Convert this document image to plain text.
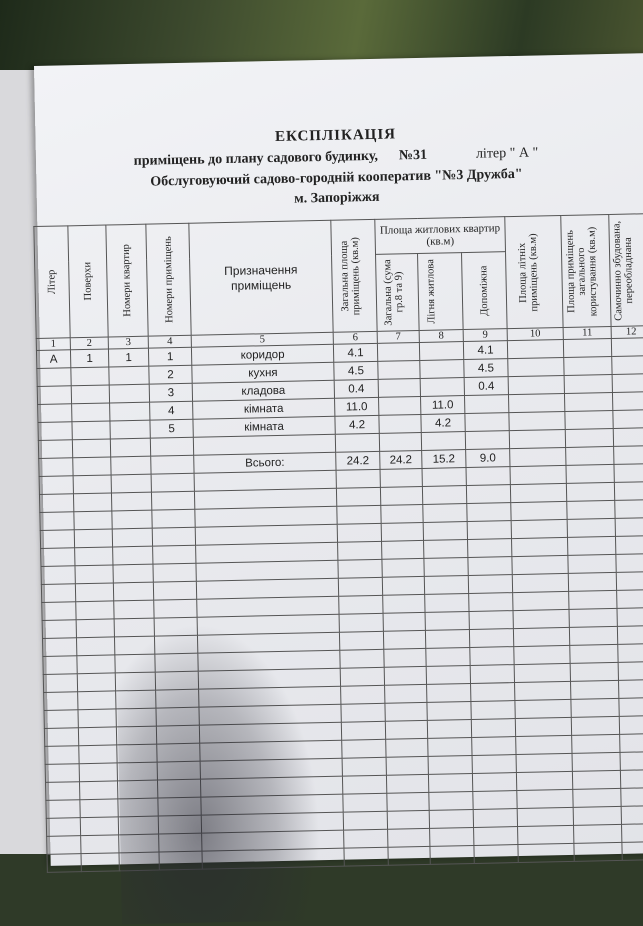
ЕКСПЛІКАЦІЯ
приміщень до плану садового будинку, №31	літер " А "
Обслуговуючий садово-городній кооператив "№3 Дружба"
м. Запоріжжя
Літер	Поверхи	Номери квартир	Номери приміщень	Призначення приміщень	Загальна площа приміщень (кв.м)	Площа житлових квартир (кв.м)			Площа літніх приміщень (кв.м)	Площа приміщень загального користування (кв.м)	Самочинно збудована, переобладнана

						Загальна (сума гр.8 та 9)	Лігня житлова	Допоміжна			

1	2	3	4	5	6	7	8	9	10	11	12
А	1	1	1	коридор	4.1			4.1			
			2	кухня	4.5			4.5			
			3	кладова	0.4			0.4			
			4	кімната	11.0		11.0				
			5	кімната	4.2		4.2				

				Всього:	24.2	24.2	15.2	9.0			
